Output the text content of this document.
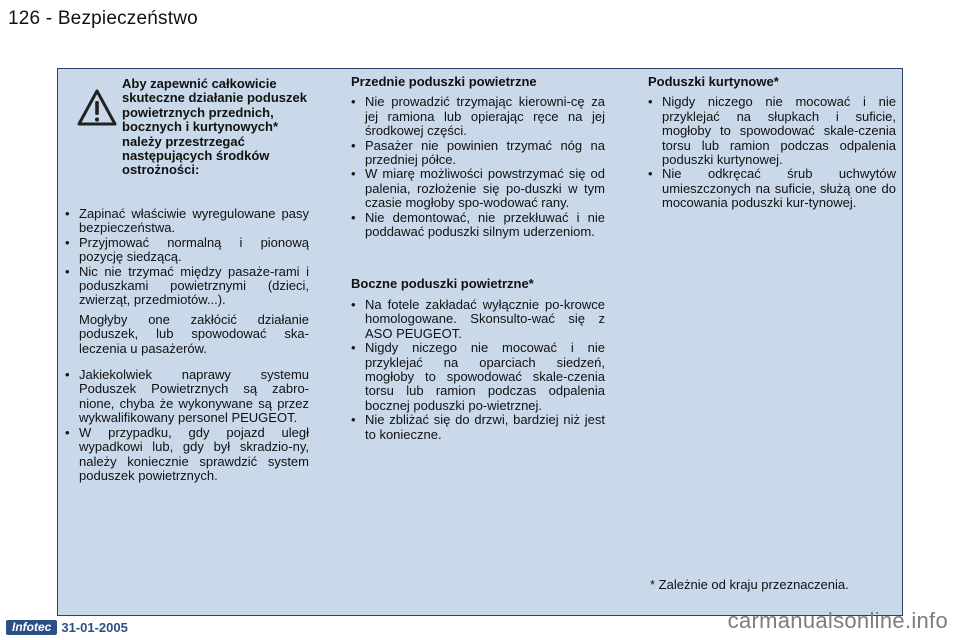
126 - Bezpieczeństwo
Aby zapewnić całkowicie skuteczne działanie poduszek powietrznych przednich, bocznych i kurtynowych* należy przestrzegać następujących środków ostrożności:
• Zapinać właściwie wyregulowane pasy bezpieczeństwa.
• Przyjmować normalną i pionową pozycję siedzącą.
• Nic nie trzymać między pasaże-rami i poduszkami powietrznymi (dzieci, zwierząt, przedmiotów...).
Mogłyby one zakłócić działanie poduszek, lub spowodować ska-leczenia u pasażerów.
• Jakiekolwiek naprawy systemu Poduszek Powietrznych są zabro-nione, chyba że wykonywane są przez wykwalifikowany personel PEUGEOT.
• W przypadku, gdy pojazd uległ wypadkowi lub, gdy był skradzio-ny, należy koniecznie sprawdzić system poduszek powietrznych.
Przednie poduszki powietrzne
• Nie prowadzić trzymając kierowni-cę za jej ramiona lub opierając ręce na jej środkowej części.
• Pasażer nie powinien trzymać nóg na przedniej półce.
• W miarę możliwości powstrzymać się od palenia, rozłożenie się po-duszki w tym czasie mogłoby spo-wodować rany.
• Nie demontować, nie przekłuwać i nie poddawać poduszki silnym uderzeniom.
Boczne poduszki powietrzne*
• Na fotele zakładać wyłącznie po-krowce homologowane. Skonsulto-wać się z ASO PEUGEOT.
• Nigdy niczego nie mocować i nie przyklejać na oparciach siedzeń, mogłoby to spowodować skale-czenia torsu lub ramion podczas odpalenia bocznej poduszki po-wietrznej.
• Nie zbliżać się do drzwi, bardziej niż jest to konieczne.
Poduszki kurtynowe*
• Nigdy niczego nie mocować i nie przyklejać na słupkach i suficie, mogłoby to spowodować skale-czenia torsu lub ramion podczas odpalenia poduszki kurtynowej.
• Nie odkręcać śrub uchwytów umieszczonych na suficie, służą one do mocowania poduszki kur-tynowej.
* Zależnie od kraju przeznaczenia.
Infotec 31-01-2005	carmanualsonline.info
